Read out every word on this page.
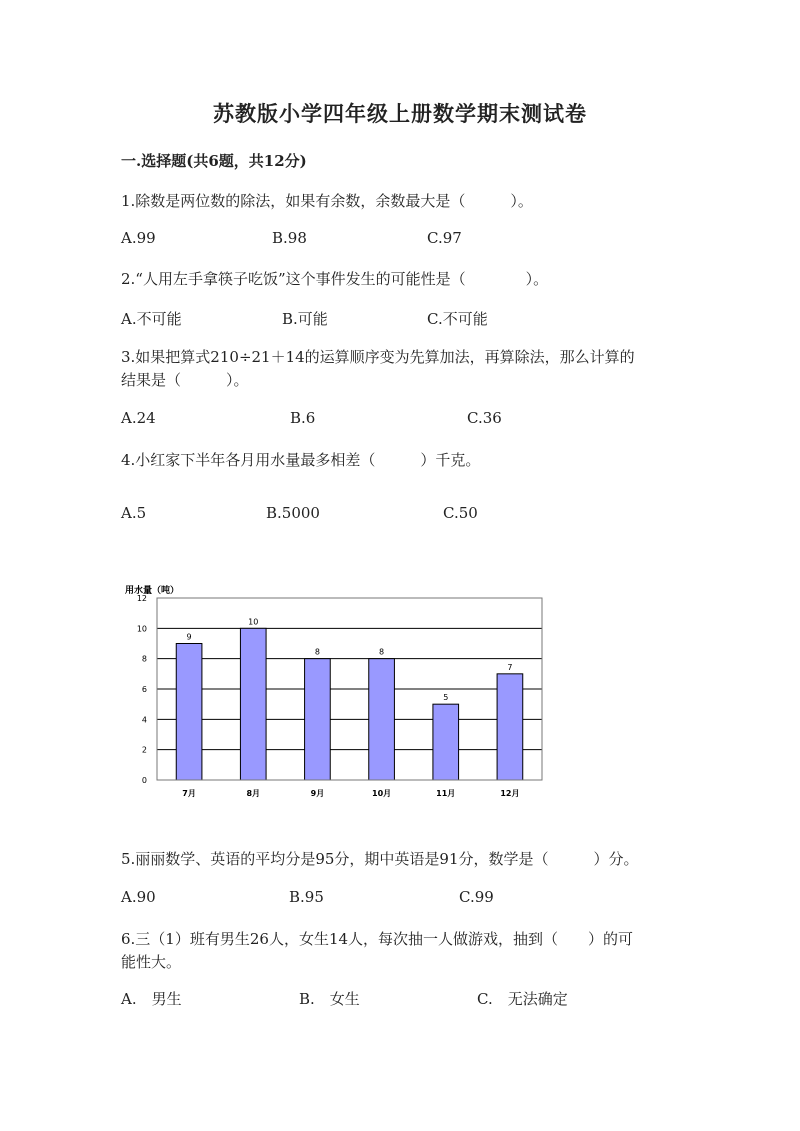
苏教版小学四年级上册数学期末测试卷
一.选择题(共6题，共12分)
1.除数是两位数的除法，如果有余数，余数最大是（　　　）。
A.99	B.98	C.97
2.“人用左手拿筷子吃饭”这个事件发生的可能性是（　　　　）。
A.不可能	B.可能	C.不可能
3.如果把算式210÷21＋14的运算顺序变为先算加法，再算除法，那么计算的
结果是（　　　）。
A.24	B.6	C.36
4.小红家下半年各月用水量最多相差（　　　）千克。
A.5	B.5000	C.50
用水量（吨）
0
2
4
6
8
10
12
9
10
8	8
5
7
7月	8月	9月	10月	11月	12月
5.丽丽数学、英语的平均分是95分，期中英语是91分，数学是（　　　）分。
A.90	B.95	C.99
6.三（1）班有男生26人，女生14人，每次抽一人做游戏，抽到（　　）的可
能性大。
A.　男生	B.　女生	C.　无法确定
